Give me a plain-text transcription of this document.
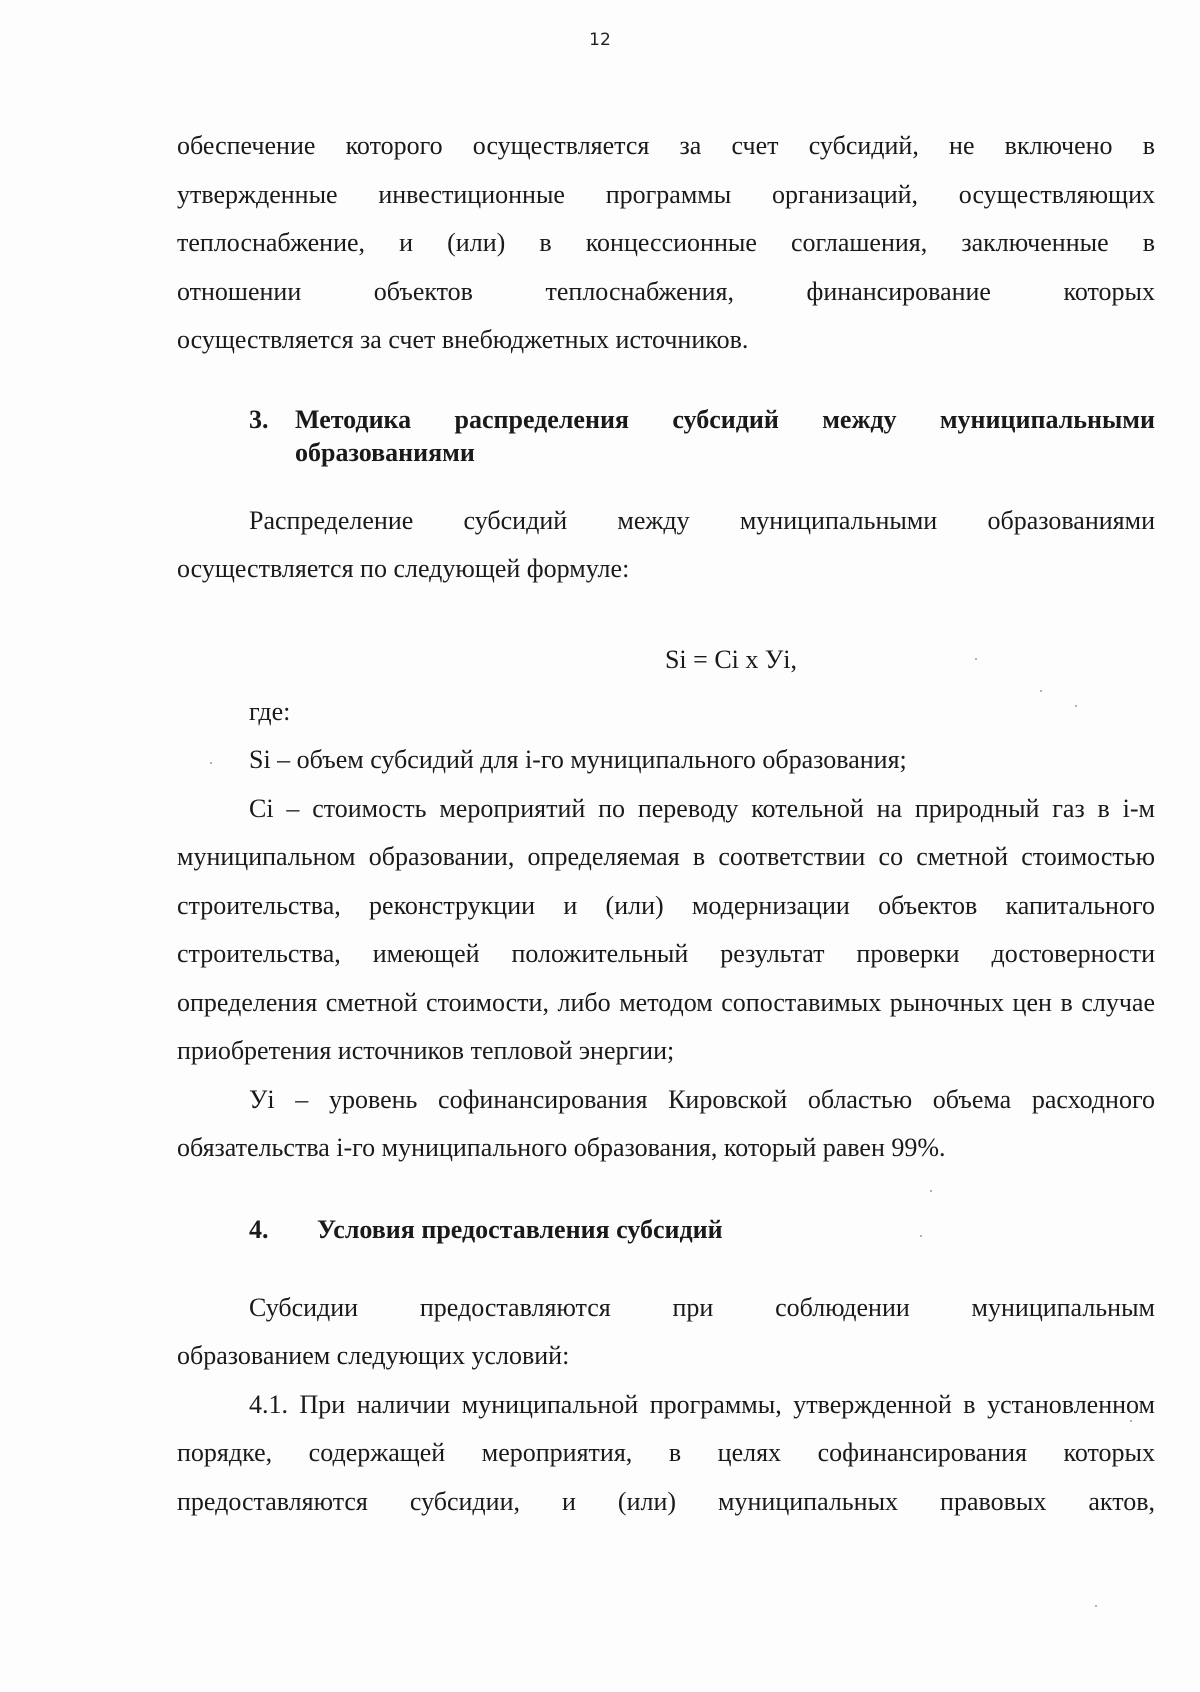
12

обеспечение которого осуществляется за счет субсидий, не включено в

утвержденные инвестиционные программы организаций, осуществляющих

теплоснабжение, и (или) в концессионные соглашения, заключенные в

отношении объектов теплоснабжения, финансирование которых

осуществляется за счет внебюджетных источников.

3.	Методика распределения субсидий между муниципальными
образованиями

Распределение субсидий между муниципальными образованиями

осуществляется по следующей формуле:

Si = Ci x Уi,

где:

Si – объем субсидий для i-го муниципального образования;

Ci – стоимость мероприятий по переводу котельной на природный газ в i-м муниципальном образовании, определяемая в соответствии со сметной стоимостью строительства, реконструкции и (или) модернизации объектов капитального строительства, имеющей положительный результат проверки достоверности определения сметной стоимости, либо методом сопоставимых рыночных цен в случае приобретения источников тепловой энергии;

Уi – уровень софинансирования Кировской областью объема расходного обязательства i-го муниципального образования, который равен 99%.

4.	Условия предоставления субсидий

Субсидии предоставляются при соблюдении муниципальным

образованием следующих условий:

4.1. При наличии муниципальной программы, утвержденной в установленном порядке, содержащей мероприятия, в целях софинансирования которых предоставляются субсидии, и (или) муниципальных правовых актов,
